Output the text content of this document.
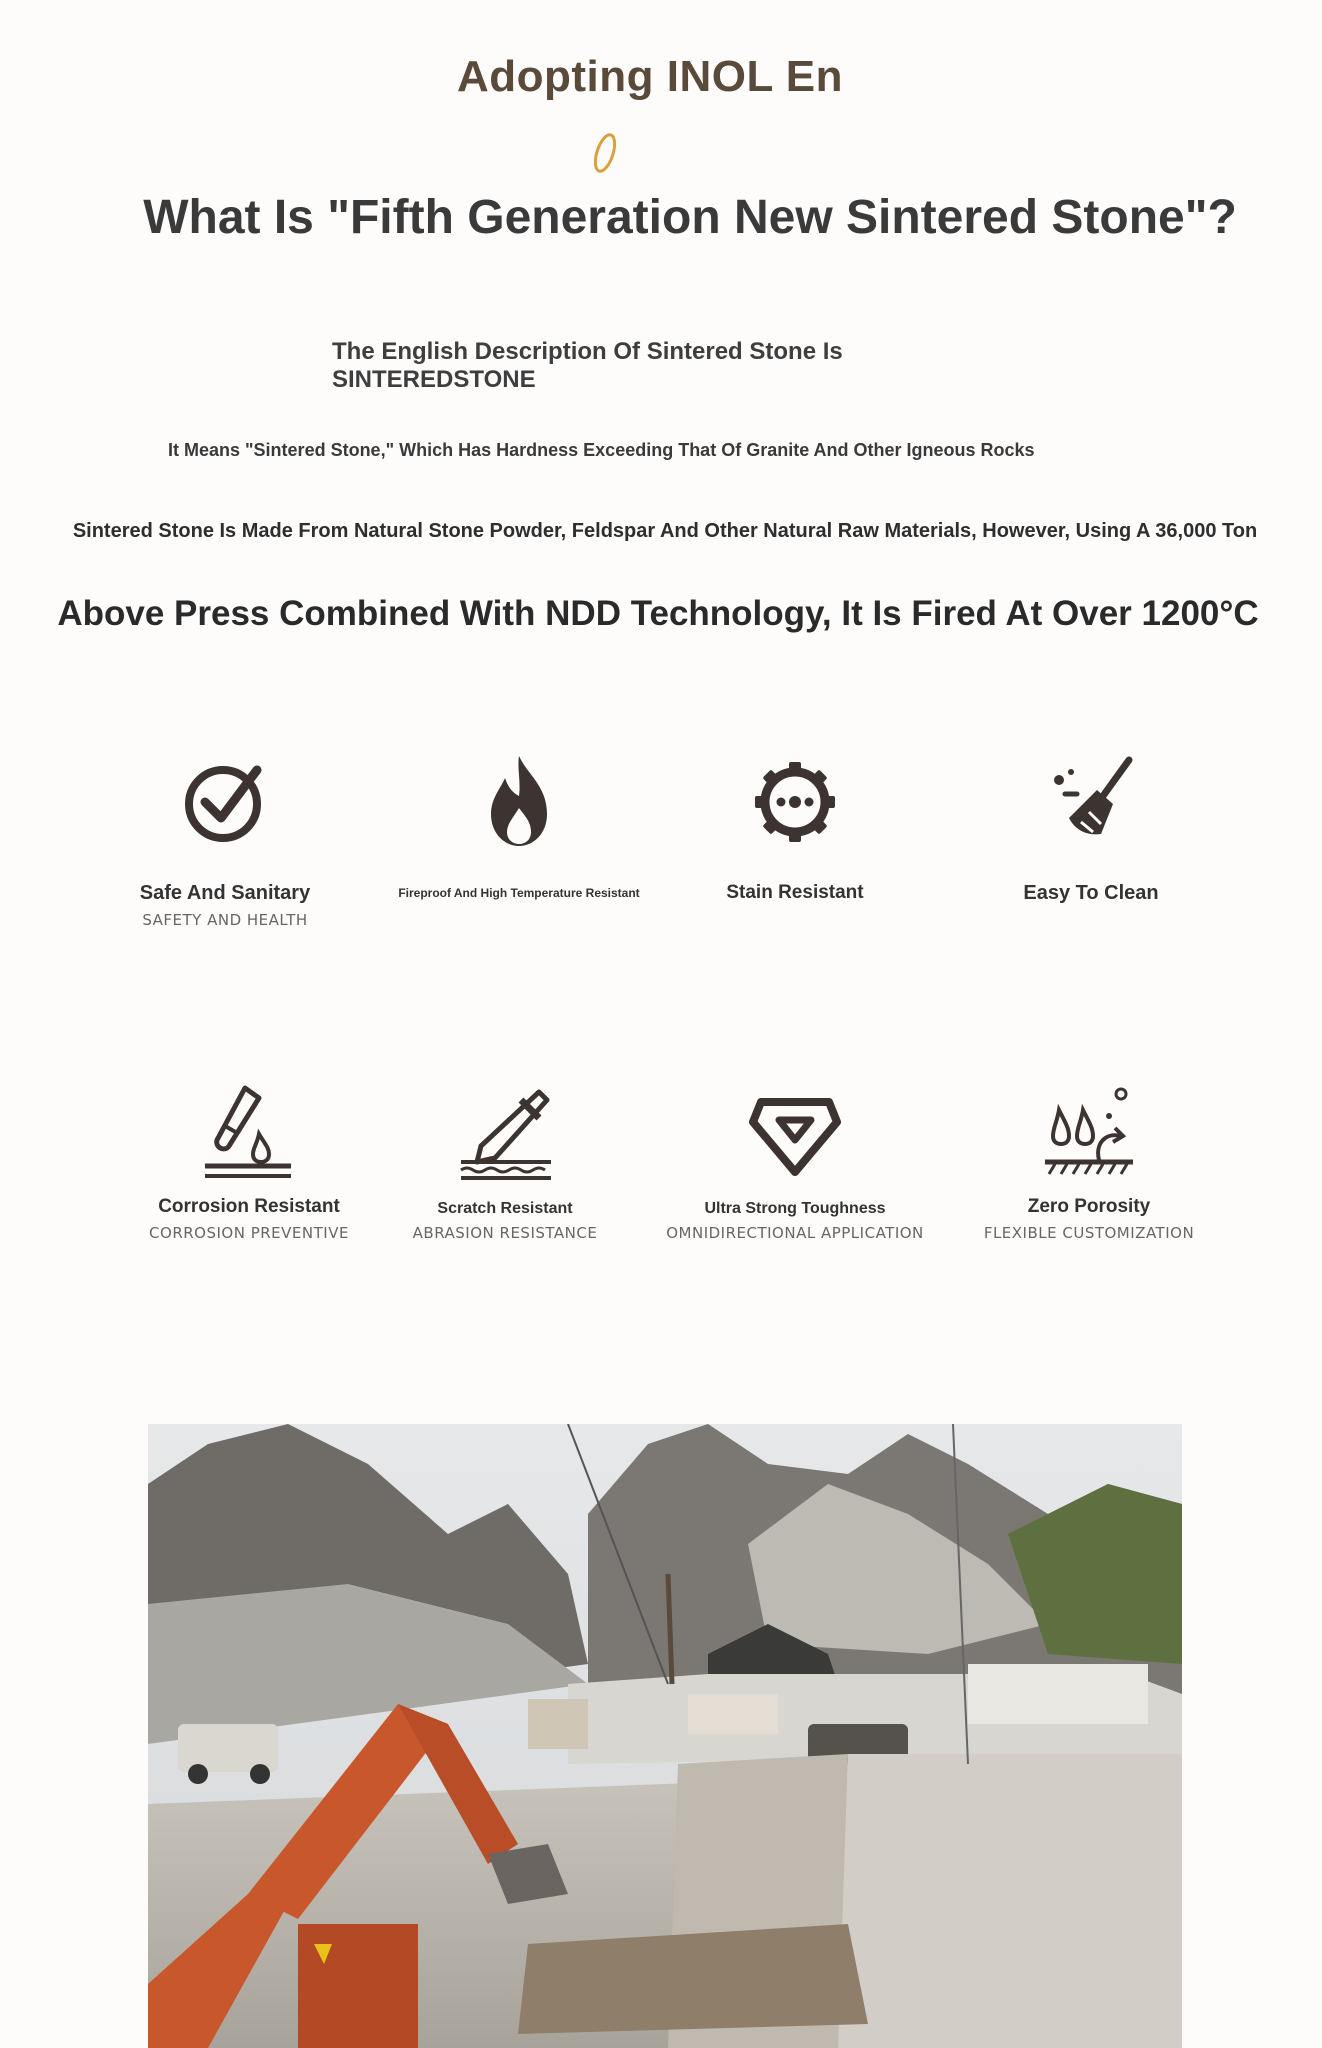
Adopting INOL En
What Is "Fifth Generation New Sintered Stone"?
The English Description Of Sintered Stone Is SINTEREDSTONE
It Means "Sintered Stone," Which Has Hardness Exceeding That Of Granite And Other Igneous Rocks
Sintered Stone Is Made From Natural Stone Powder, Feldspar And Other Natural Raw Materials, However, Using A 36,000 Ton
Above Press Combined With NDD Technology, It Is Fired At Over 1200°C
Safe And Sanitary
SAFETY AND HEALTH
Fireproof And High Temperature Resistant	Stain Resistant	Easy To Clean
Corrosion Resistant
CORROSION PREVENTIVE
Scratch Resistant
ABRASION RESISTANCE
Ultra Strong Toughness
OMNIDIRECTIONAL APPLICATION
Zero Porosity
FLEXIBLE CUSTOMIZATION
